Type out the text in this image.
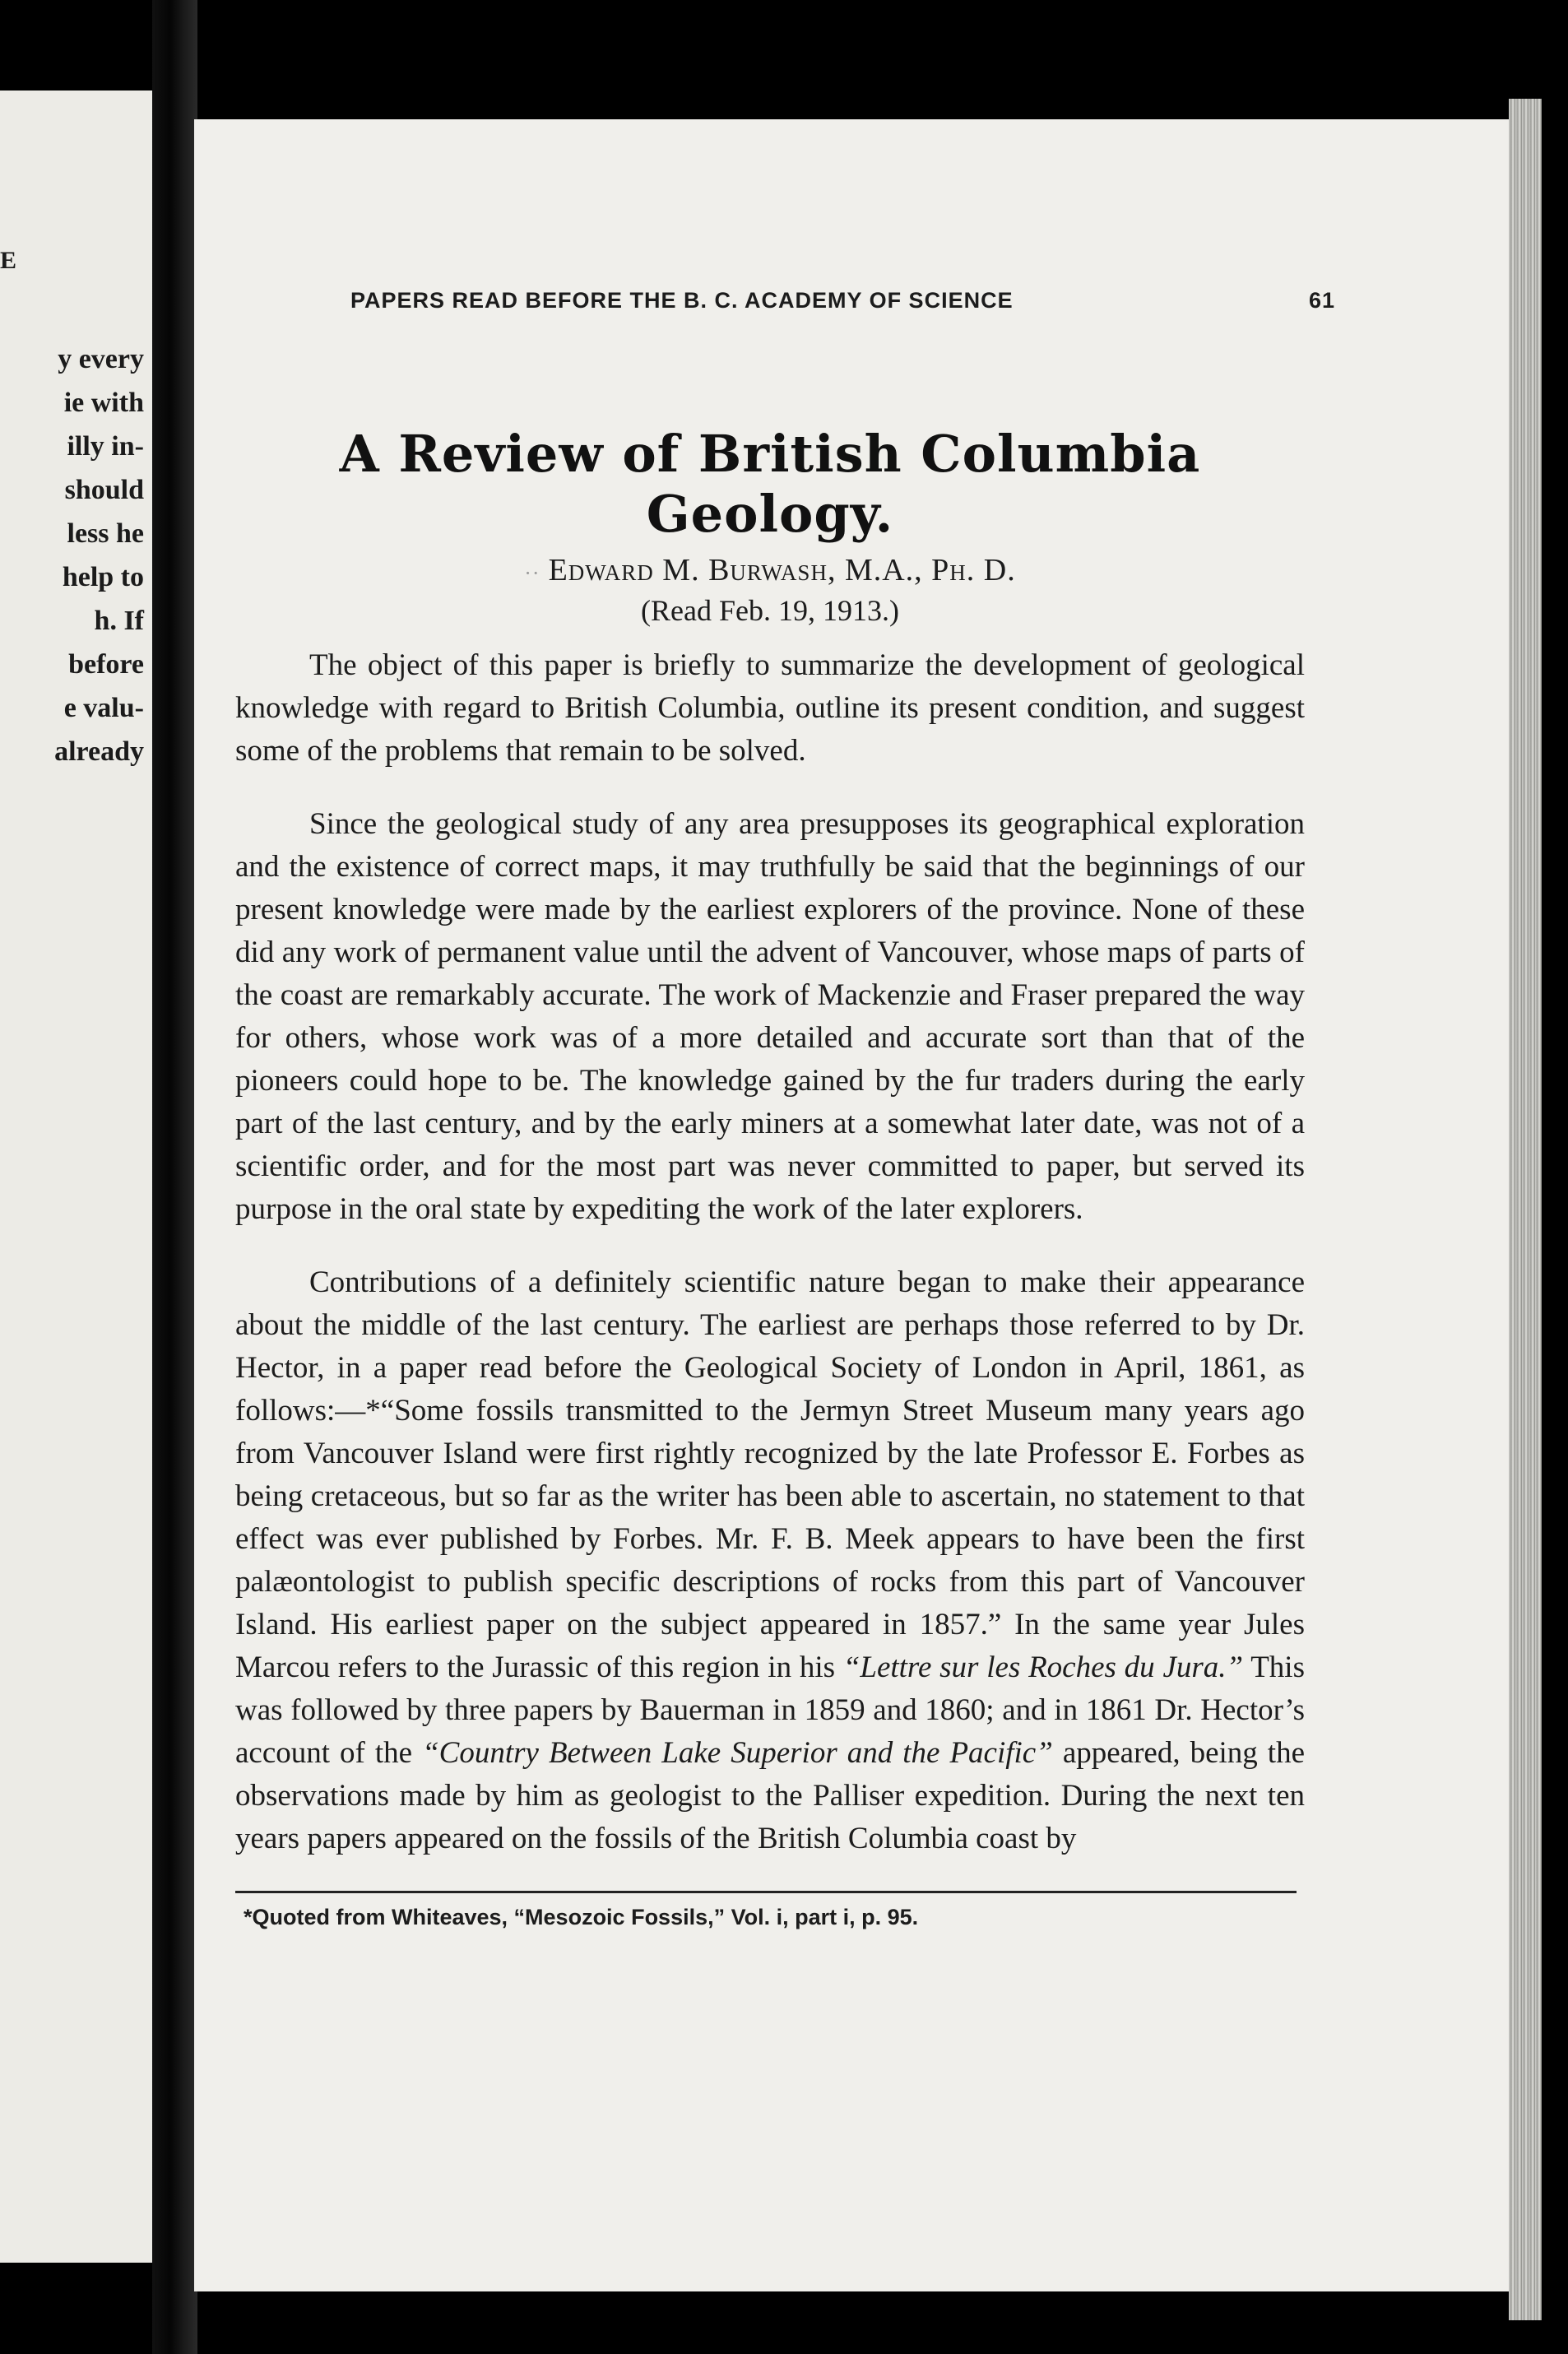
E
y every
ie with
illy in-
should
less he
help to
h. If
before
e valu-
already
PAPERS READ BEFORE THE B. C. ACADEMY OF SCIENCE	61
A Review of British Columbia Geology.
·· Edward M. Burwash, M.A., Ph. D.
(Read Feb. 19, 1913.)

The object of this paper is briefly to summarize the development of geological knowledge with regard to British Columbia, outline its present condition, and suggest some of the problems that remain to be solved.

Since the geological study of any area presupposes its geographical exploration and the existence of correct maps, it may truthfully be said that the beginnings of our present knowledge were made by the earliest explorers of the province. None of these did any work of permanent value until the advent of Vancouver, whose maps of parts of the coast are remarkably accurate. The work of Mackenzie and Fraser prepared the way for others, whose work was of a more detailed and accurate sort than that of the pioneers could hope to be. The knowledge gained by the fur traders during the early part of the last century, and by the early miners at a somewhat later date, was not of a scientific order, and for the most part was never committed to paper, but served its purpose in the oral state by expediting the work of the later explorers.

Contributions of a definitely scientific nature began to make their appearance about the middle of the last century. The earliest are perhaps those referred to by Dr. Hector, in a paper read before the Geological Society of London in April, 1861, as follows:—*“Some fossils transmitted to the Jermyn Street Museum many years ago from Vancouver Island were first rightly recognized by the late Professor E. Forbes as being cretaceous, but so far as the writer has been able to ascertain, no statement to that effect was ever published by Forbes. Mr. F. B. Meek appears to have been the first palæontologist to publish specific descriptions of rocks from this part of Vancouver Island. His earliest paper on the subject appeared in 1857.” In the same year Jules Marcou refers to the Jurassic of this region in his “Lettre sur les Roches du Jura.” This was followed by three papers by Bauerman in 1859 and 1860; and in 1861 Dr. Hector’s account of the “Country Between Lake Superior and the Pacific” appeared, being the observations made by him as geologist to the Palliser expedition. During the next ten years papers appeared on the fossils of the British Columbia coast by

*Quoted from Whiteaves, “Mesozoic Fossils,” Vol. i, part i, p. 95.
